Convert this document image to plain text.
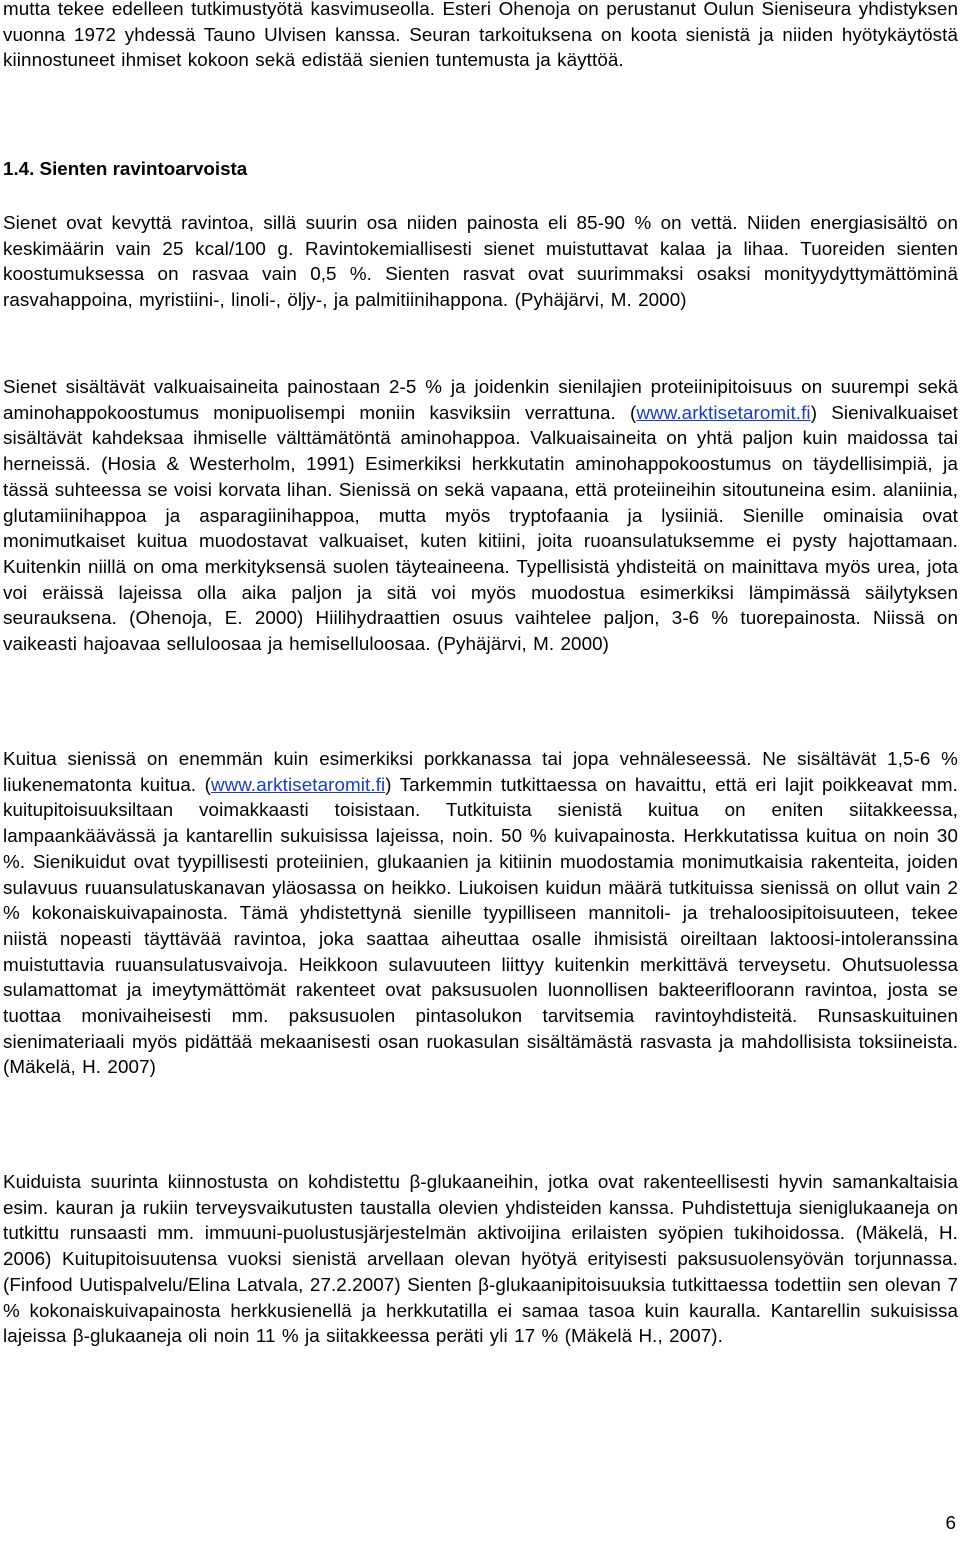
mutta tekee edelleen tutkimustyötä kasvimuseolla. Esteri Ohenoja on perustanut Oulun Sieniseura yhdistyksen vuonna 1972 yhdessä Tauno Ulvisen kanssa. Seuran tarkoituksena on koota sienistä ja niiden hyötykäytöstä kiinnostuneet ihmiset kokoon sekä edistää sienien tuntemusta ja käyttöä.

1.4. Sienten ravintoarvoista

Sienet ovat kevyttä ravintoa, sillä suurin osa niiden painosta eli 85-90 % on vettä. Niiden energiasisältö on keskimäärin vain 25 kcal/100 g. Ravintokemiallisesti sienet muistuttavat kalaa ja lihaa. Tuoreiden sienten koostumuksessa on rasvaa vain 0,5 %. Sienten rasvat ovat suurimmaksi osaksi monityydyttymättöminä rasvahappoina, myristiini-, linoli-, öljy-, ja palmitiinihappona. (Pyhäjärvi, M. 2000)

Sienet sisältävät valkuaisaineita painostaan 2-5 % ja joidenkin sienilajien proteiinipitoisuus on suurempi sekä aminohappokoostumus monipuolisempi moniin kasviksiin verrattuna. (www.arktisetaromit.fi) Sienivalkuaiset sisältävät kahdeksaa ihmiselle välttämätöntä aminohappoa. Valkuaisaineita on yhtä paljon kuin maidossa tai herneissä. (Hosia & Westerholm, 1991) Esimerkiksi herkkutatin aminohappokoostumus on täydellisimpiä, ja tässä suhteessa se voisi korvata lihan. Sienissä on sekä vapaana, että proteiineihin sitoutuneina esim. alaniinia, glutamiinihappoa ja asparagiinihappoa, mutta myös tryptofaania ja lysiiniä. Sienille ominaisia ovat monimutkaiset kuitua muodostavat valkuaiset, kuten kitiini, joita ruoansulatuksemme ei pysty hajottamaan. Kuitenkin niillä on oma merkityksensä suolen täyteaineena. Typellisistä yhdisteitä on mainittava myös urea, jota voi eräissä lajeissa olla aika paljon ja sitä voi myös muodostua esimerkiksi lämpimässä säilytyksen seurauksena. (Ohenoja, E. 2000) Hiilihydraattien osuus vaihtelee paljon, 3-6 % tuorepainosta. Niissä on vaikeasti hajoavaa selluloosaa ja hemiselluloosaa. (Pyhäjärvi, M. 2000)

Kuitua sienissä on enemmän kuin esimerkiksi porkkanassa tai jopa vehnäleseessä. Ne sisältävät 1,5-6 % liukenematonta kuitua. (www.arktisetaromit.fi) Tarkemmin tutkittaessa on havaittu, että eri lajit poikkeavat mm. kuitupitoisuuksiltaan voimakkaasti toisistaan. Tutkituista sienistä kuitua on eniten siitakkeessa, lampaankäävässä ja kantarellin sukuisissa lajeissa, noin. 50 % kuivapainosta. Herkkutatissa kuitua on noin 30 %. Sienikuidut ovat tyypillisesti proteiinien, glukaanien ja kitiinin muodostamia monimutkaisia rakenteita, joiden sulavuus ruuansulatuskanavan yläosassa on heikko. Liukoisen kuidun määrä tutkituissa sienissä on ollut vain 2 % kokonaiskuivapainosta. Tämä yhdistettynä sienille tyypilliseen mannitoli- ja trehaloosipitoisuuteen, tekee niistä nopeasti täyttävää ravintoa, joka saattaa aiheuttaa osalle ihmisistä oireiltaan laktoosi-intoleranssina muistuttavia ruuansulatusvaivoja. Heikkoon sulavuuteen liittyy kuitenkin merkittävä terveysetu. Ohutsuolessa sulamattomat ja imeytymättömät rakenteet ovat paksusuolen luonnollisen bakteerifloorann ravintoa, josta se tuottaa monivaiheisesti mm. paksusuolen pintasolukon tarvitsemia ravintoyhdisteitä. Runsaskuituinen sienimateriaali myös pidättää mekaanisesti osan ruokasulan sisältämästä rasvasta ja mahdollisista toksiineista. (Mäkelä, H. 2007)

Kuiduista suurinta kiinnostusta on kohdistettu β-glukaaneihin, jotka ovat rakenteellisesti hyvin samankaltaisia esim. kauran ja rukiin terveysvaikutusten taustalla olevien yhdisteiden kanssa. Puhdistettuja sieniglukaaneja on tutkittu runsaasti mm. immuuni-puolustusjärjestelmän aktivoijina erilaisten syöpien tukihoidossa. (Mäkelä, H. 2006) Kuitupitoisuutensa vuoksi sienistä arvellaan olevan hyötyä erityisesti paksusuolensyövän torjunnassa. (Finfood Uutispalvelu/Elina Latvala, 27.2.2007) Sienten β-glukaanipitoisuuksia tutkittaessa todettiin sen olevan 7 % kokonaiskuivapainosta herkkusienellä ja herkkutatilla ei samaa tasoa kuin kauralla. Kantarellin sukuisissa lajeissa β-glukaaneja oli noin 11 % ja siitakkeessa peräti yli 17 % (Mäkelä H., 2007).

6
